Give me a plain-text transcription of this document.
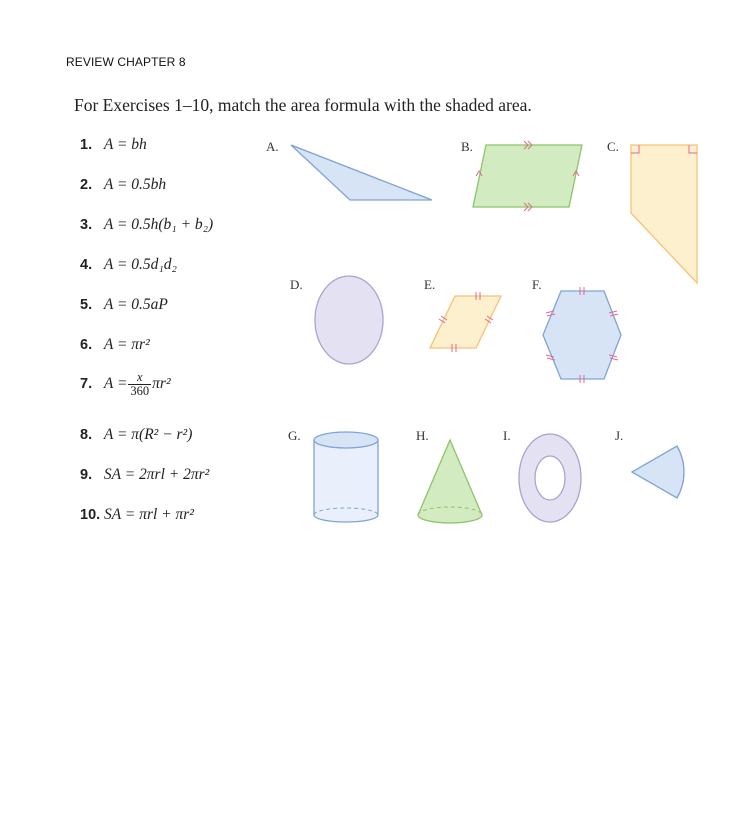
REVIEW CHAPTER 8
For Exercises 1–10, match the area formula with the shaded area.
1. A = bh
2. A = 0.5bh
3. A = 0.5h(b₁ + b₂)
4. A = 0.5d₁d₂
5. A = 0.5aP
6. A = πr²
7. $A = \frac{x}{360} \pi r^2$
8. A = π(R² − r²)
9. SA = 2πrl + 2πr²
10. SA = πrl + πr²
A.	B.	C.
D.	E.	F.
G.	H.	I.	J.
